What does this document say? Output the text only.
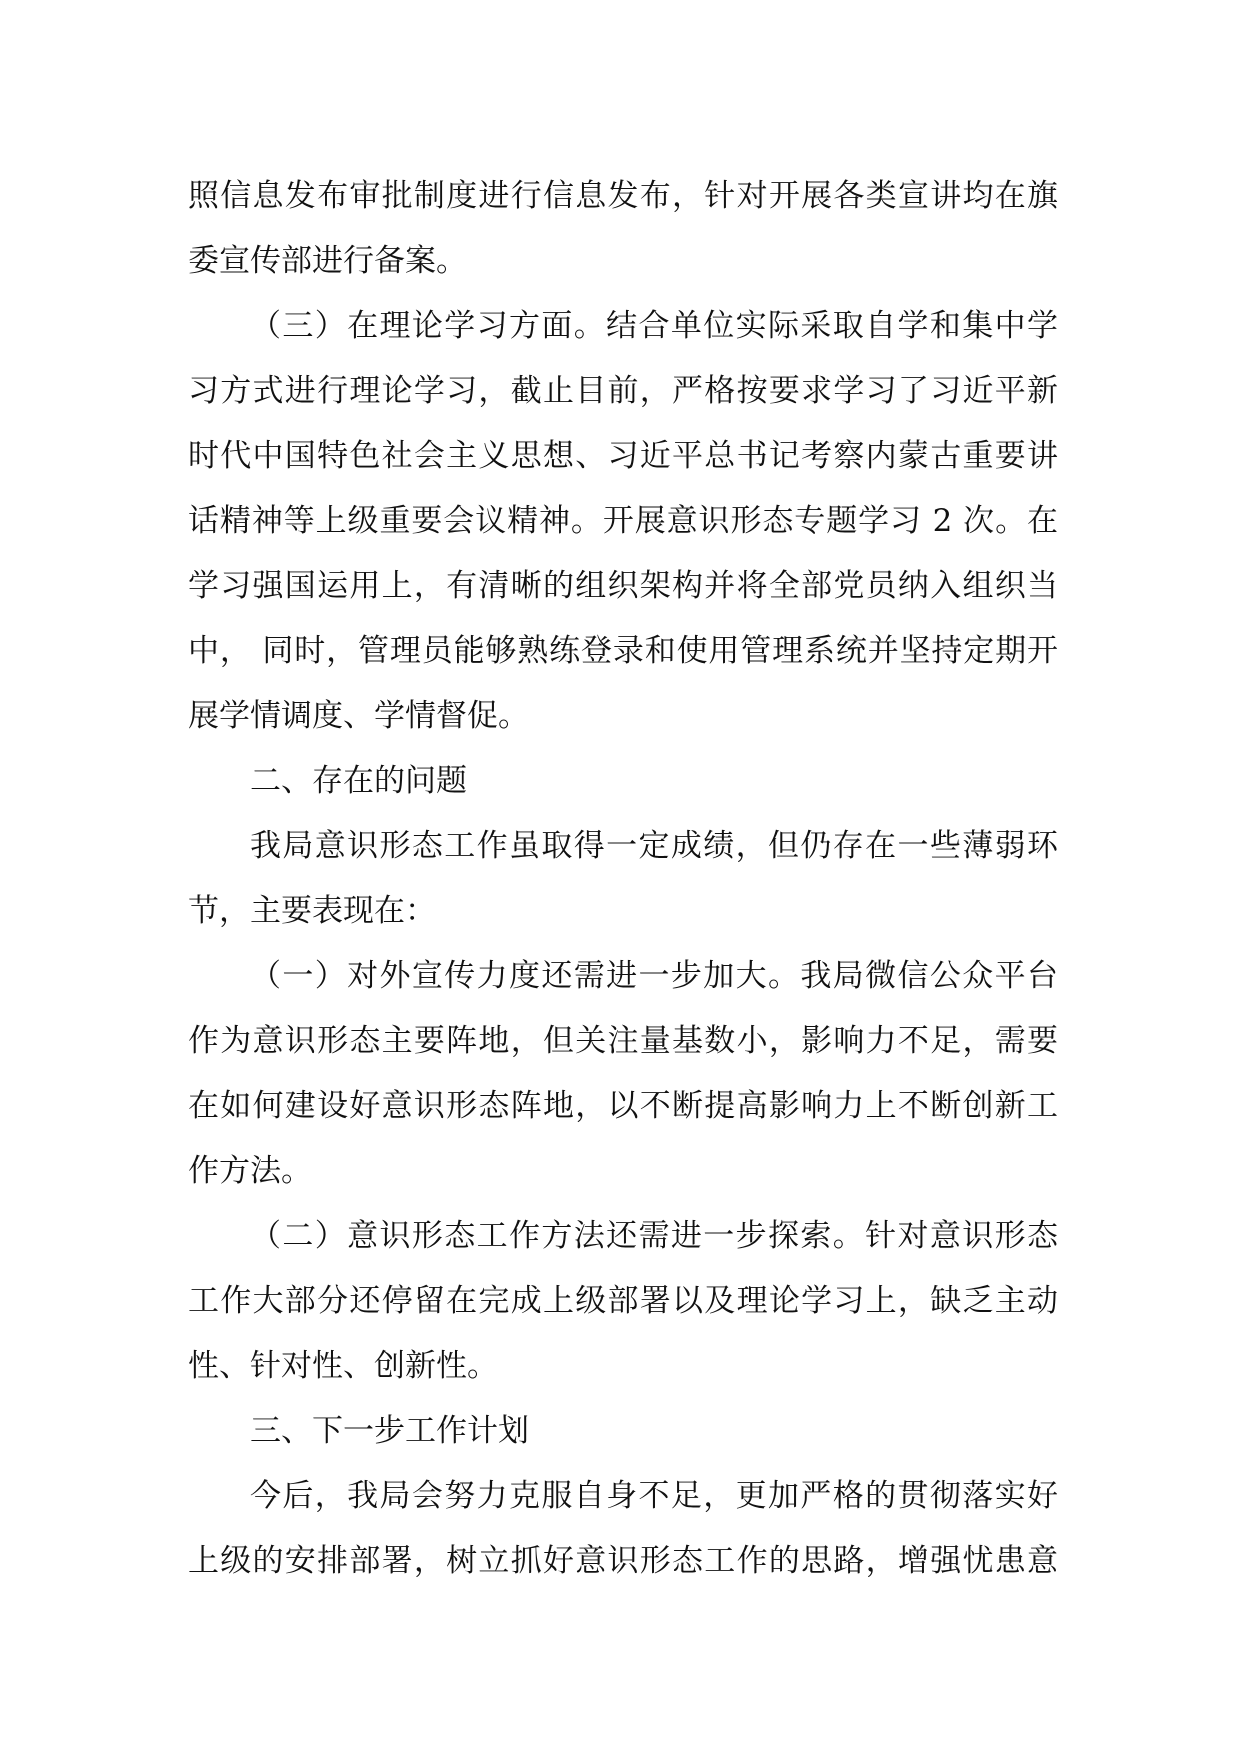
照信息发布审批制度进行信息发布，针对开展各类宣讲均在旗

委宣传部进行备案。

（三）在理论学习方面。结合单位实际采取自学和集中学

习方式进行理论学习，截止目前，严格按要求学习了习近平新

时代中国特色社会主义思想、习近平总书记考察内蒙古重要讲

话精神等上级重要会议精神。开展意识形态专题学习 2 次。在

学习强国运用上，有清晰的组织架构并将全部党员纳入组织当

中， 同时，管理员能够熟练登录和使用管理系统并坚持定期开

展学情调度、学情督促。

二、存在的问题

我局意识形态工作虽取得一定成绩，但仍存在一些薄弱环

节，主要表现在：

（一）对外宣传力度还需进一步加大。我局微信公众平台

作为意识形态主要阵地，但关注量基数小，影响力不足，需要

在如何建设好意识形态阵地，以不断提高影响力上不断创新工

作方法。

（二）意识形态工作方法还需进一步探索。针对意识形态

工作大部分还停留在完成上级部署以及理论学习上，缺乏主动

性、针对性、创新性。

三、下一步工作计划

今后，我局会努力克服自身不足，更加严格的贯彻落实好

上级的安排部署，树立抓好意识形态工作的思路，增强忧患意
